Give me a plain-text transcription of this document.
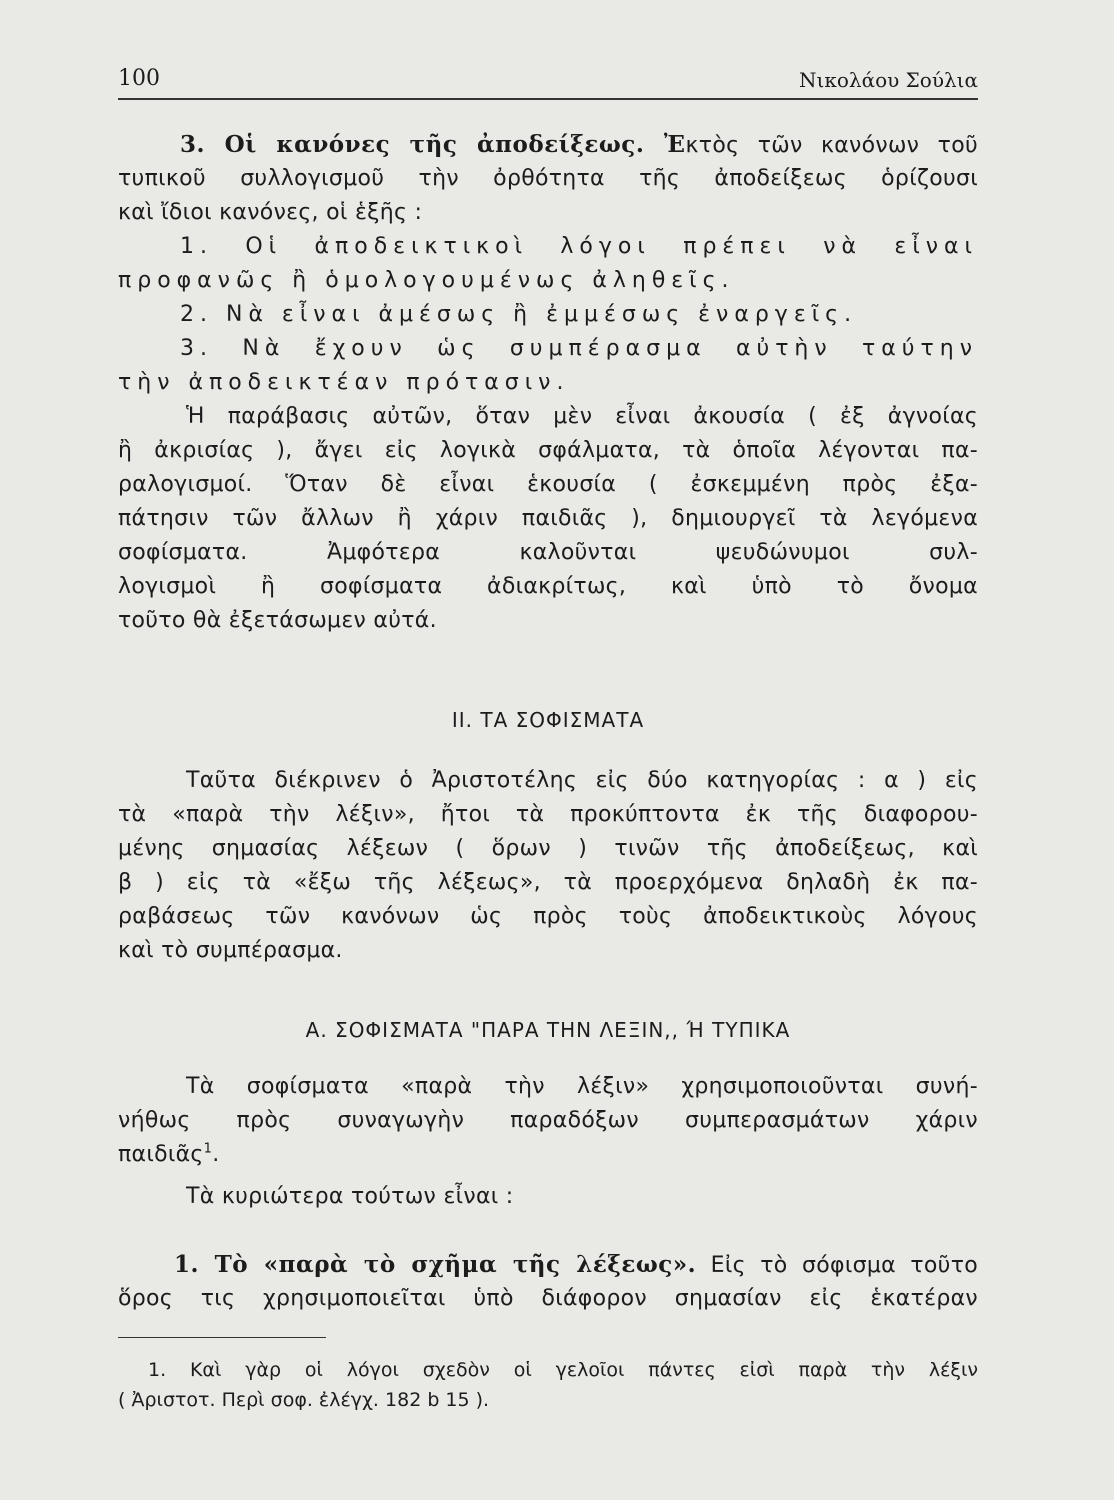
100	Νικολάου Σούλια
3. Οἱ κανόνες τῆς ἀποδείξεως. Ἐκτὸς τῶν κανόνων τοῦ
τυπικοῦ συλλογισμοῦ τὴν ὀρθότητα τῆς ἀποδείξεως ὁρίζουσι
καὶ ἴδιοι κανόνες, οἱ ἑξῆς :
1. Οἱ ἀποδεικτικοὶ λόγοι πρέπει νὰ εἶναι
προφανῶς ἢ ὁμολογουμένως ἀληθεῖς.
2. Νὰ εἶναι ἀμέσως ἢ ἐμμέσως ἐναργεῖς.
3. Νὰ ἔχουν ὡς συμπέρασμα αὐτὴν ταύτην
τὴν ἀποδεικτέαν πρότασιν.
Ἡ παράβασις αὐτῶν, ὅταν μὲν εἶναι ἀκουσία ( ἐξ ἀγνοίας
ἢ ἀκρισίας ), ἄγει εἰς λογικὰ σφάλματα, τὰ ὁποῖα λέγονται πα-
ραλογισμοί. Ὅταν δὲ εἶναι ἑκουσία ( ἐσκεμμένη πρὸς ἐξα-
πάτησιν τῶν ἄλλων ἢ χάριν παιδιᾶς ), δημιουργεῖ τὰ λεγόμενα
σοφίσματα. Ἀμφότερα καλοῦνται ψευδώνυμοι συλ-
λογισμοὶ ἢ σοφίσματα ἀδιακρίτως, καὶ ὑπὸ τὸ ὄνομα
τοῦτο θὰ ἐξετάσωμεν αὐτά.
II. ΤΑ ΣΟΦΙΣΜΑΤΑ
Ταῦτα διέκρινεν ὁ Ἀριστοτέλης εἰς δύο κατηγορίας : α ) εἰς
τὰ «παρὰ τὴν λέξιν», ἤτοι τὰ προκύπτοντα ἐκ τῆς διαφορου-
μένης σημασίας λέξεων ( ὅρων ) τινῶν τῆς ἀποδείξεως, καὶ
β ) εἰς τὰ «ἔξω τῆς λέξεως», τὰ προερχόμενα δηλαδὴ ἐκ πα-
ραβάσεως τῶν κανόνων ὡς πρὸς τοὺς ἀποδεικτικοὺς λόγους
καὶ τὸ συμπέρασμα.
Α. ΣΟΦΙΣΜΑΤΑ "ΠΑΡΑ ΤΗΝ ΛΕΞΙΝ,, Ή ΤΥΠΙΚΑ
Τὰ σοφίσματα «παρὰ τὴν λέξιν» χρησιμοποιοῦνται συνή-
νήθως πρὸς συναγωγὴν παραδόξων συμπερασμάτων χάριν
παιδιᾶς$^1$.
Τὰ κυριώτερα τούτων εἶναι :
1. Τὸ «παρὰ τὸ σχῆμα τῆς λέξεως». Εἰς τὸ σόφισμα τοῦτο
ὅρος τις χρησιμοποιεῖται ὑπὸ διάφορον σημασίαν εἰς ἑκατέραν
1. Καὶ γὰρ οἱ λόγοι σχεδὸν οἱ γελοῖοι πάντες εἰσὶ παρὰ τὴν λέξιν
( Ἀριστοτ. Περὶ σοφ. ἐλέγχ. 182 b 15 ).
